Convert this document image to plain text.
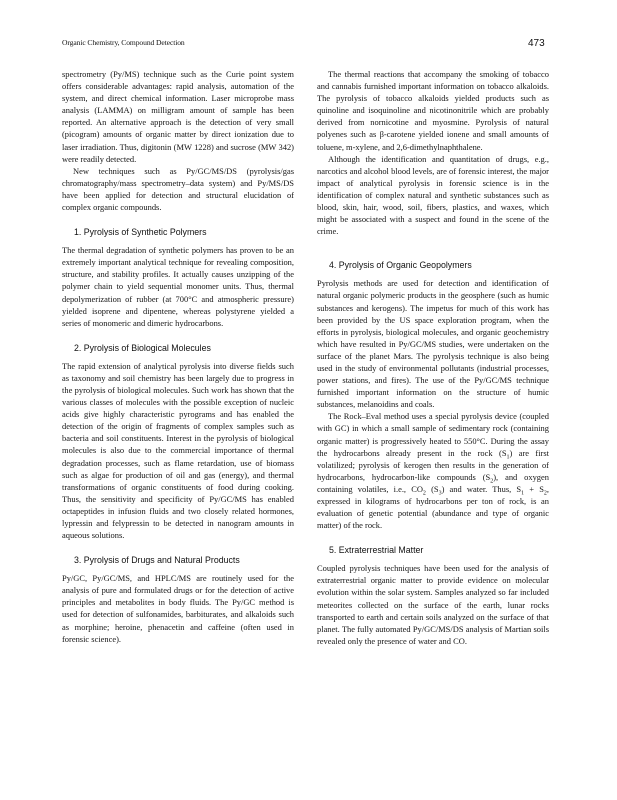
Organic Chemistry, Compound Detection	473

spectrometry (Py/MS) technique such as the Curie point system offers considerable advantages: rapid analysis, automation of the system, and direct chemical information. Laser microprobe mass analysis (LAMMA) on milligram amount of sample has been reported. An alternative approach is the detection of very small (picogram) amounts of organic matter by direct ionization due to laser irradiation. Thus, digitonin (MW 1228) and sucrose (MW 342) were readily detected.

New techniques such as Py/GC/MS/DS (pyrolysis/gas chromatography/mass spectrometry–data system) and Py/MS/DS have been applied for detection and structural elucidation of complex organic compounds.

1. Pyrolysis of Synthetic Polymers

The thermal degradation of synthetic polymers has proven to be an extremely important analytical technique for revealing composition, structure, and stability profiles. It actually causes unzipping of the polymer chain to yield sequential monomer units. Thus, thermal depolymerization of rubber (at 700°C and atmospheric pressure) yielded isoprene and dipentene, whereas polystyrene yielded a series of monomeric and dimeric hydrocarbons.

2. Pyrolysis of Biological Molecules

The rapid extension of analytical pyrolysis into diverse fields such as taxonomy and soil chemistry has been largely due to progress in the pyrolysis of biological molecules. Such work has shown that the various classes of molecules with the possible exception of nucleic acids give highly characteristic pyrograms and has enabled the detection of the origin of fragments of complex samples such as bacteria and soil constituents. Interest in the pyrolysis of biological molecules is also due to the commercial importance of thermal degradation processes, such as flame retardation, use of biomass such as algae for production of oil and gas (energy), and thermal transformations of organic constituents of food during cooking. Thus, the sensitivity and specificity of Py/GC/MS has enabled octapeptides in infusion fluids and two closely related hormones, lypressin and felypressin to be detected in nanogram amounts in aqueous solutions.

3. Pyrolysis of Drugs and Natural Products

Py/GC, Py/GC/MS, and HPLC/MS are routinely used for the analysis of pure and formulated drugs or for the detection of active principles and metabolites in body fluids. The Py/GC method is used for detection of sulfonamides, barbiturates, and alkaloids such as morphine; heroine, phenacetin and caffeine (often used in forensic science).

The thermal reactions that accompany the smoking of tobacco and cannabis furnished important information on tobacco alkaloids. The pyrolysis of tobacco alkaloids yielded products such as quinoline and isoquinoline and nicotinonitrile which are probably derived from nornicotine and myosmine. Pyrolysis of natural polyenes such as β-carotene yielded ionene and small amounts of toluene, m-xylene, and 2,6-dimethylnaphthalene.

Although the identification and quantitation of drugs, e.g., narcotics and alcohol blood levels, are of forensic interest, the major impact of analytical pyrolysis in forensic science is in the identification of complex natural and synthetic substances such as blood, skin, hair, wood, soil, fibers, plastics, and waxes, which might be associated with a suspect and found in the scene of the crime.

4. Pyrolysis of Organic Geopolymers

Pyrolysis methods are used for detection and identification of natural organic polymeric products in the geosphere (such as humic substances and kerogens). The impetus for much of this work has been provided by the US space exploration program, when the efforts in pyrolysis, biological molecules, and organic geochemistry which have resulted in Py/GC/MS studies, were undertaken on the surface of the planet Mars. The pyrolysis technique is also being used in the study of environmental pollutants (industrial processes, power stations, and fires). The use of the Py/GC/MS technique furnished important information on the structure of humic substances, melanoidins and coals.

The Rock–Eval method uses a special pyrolysis device (coupled with GC) in which a small sample of sedimentary rock (containing organic matter) is progressively heated to 550°C. During the assay the hydrocarbons already present in the rock $(S_1)$ are first volatilized; pyrolysis of kerogen then results in the generation of hydrocarbons, hydrocarbon-like compounds $(S_2)$, and oxygen containing volatiles, i.e., $CO_2$ $(S_3)$ and water. Thus, $S_1 + S_2$, expressed in kilograms of hydrocarbons per ton of rock, is an evaluation of genetic potential (abundance and type of organic matter) of the rock.

5. Extraterrestrial Matter

Coupled pyrolysis techniques have been used for the analysis of extraterrestrial organic matter to provide evidence on molecular evolution within the solar system. Samples analyzed so far included meteorites collected on the surface of the earth, lunar rocks transported to earth and certain soils analyzed on the surface of that planet. The fully automated Py/GC/MS/DS analysis of Martian soils revealed only the presence of water and CO.
